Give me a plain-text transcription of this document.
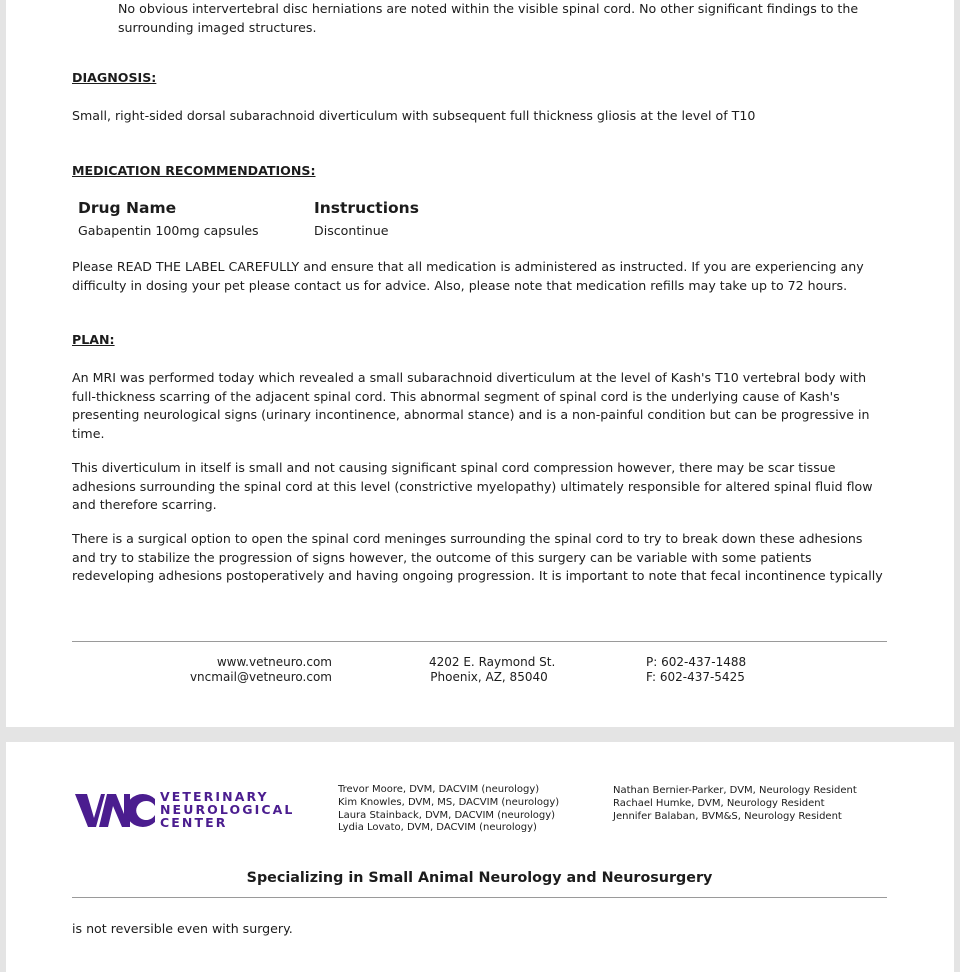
No obvious intervertebral disc herniations are noted within the visible spinal cord. No other significant findings to the
surrounding imaged structures.

DIAGNOSIS:

Small, right-sided dorsal subarachnoid diverticulum with subsequent full thickness gliosis at the level of T10

MEDICATION RECOMMENDATIONS:

Drug Name	Instructions

Gabapentin 100mg capsules	Discontinue

Please READ THE LABEL CAREFULLY and ensure that all medication is administered as instructed. If you are experiencing any
difficulty in dosing your pet please contact us for advice. Also, please note that medication refills may take up to 72 hours.

PLAN:

An MRI was performed today which revealed a small subarachnoid diverticulum at the level of Kash's T10 vertebral body with
full-thickness scarring of the adjacent spinal cord. This abnormal segment of spinal cord is the underlying cause of Kash's
presenting neurological signs (urinary incontinence, abnormal stance) and is a non-painful condition but can be progressive in
time.
This diverticulum in itself is small and not causing significant spinal cord compression however, there may be scar tissue
adhesions surrounding the spinal cord at this level (constrictive myelopathy) ultimately responsible for altered spinal fluid flow
and therefore scarring.
There is a surgical option to open the spinal cord meninges surrounding the spinal cord to try to break down these adhesions
and try to stabilize the progression of signs however, the outcome of this surgery can be variable with some patients
redeveloping adhesions postoperatively and having ongoing progression. It is important to note that fecal incontinence typically
www.vetneuro.com
vncmail@vetneuro.com
4202 E. Raymond St.
Phoenix, AZ, 85040
P: 602-437-1488
F: 602-437-5425
VETERINARY
NEUROLOGICAL
CENTER
Trevor Moore, DVM, DACVIM (neurology)
Kim Knowles, DVM, MS, DACVIM (neurology)
Laura Stainback, DVM, DACVIM (neurology)
Lydia Lovato, DVM, DACVIM (neurology)
Nathan Bernier-Parker, DVM, Neurology Resident
Rachael Humke, DVM, Neurology Resident
Jennifer Balaban, BVM&S, Neurology Resident
Specializing in Small Animal Neurology and Neurosurgery

is not reversible even with surgery.
